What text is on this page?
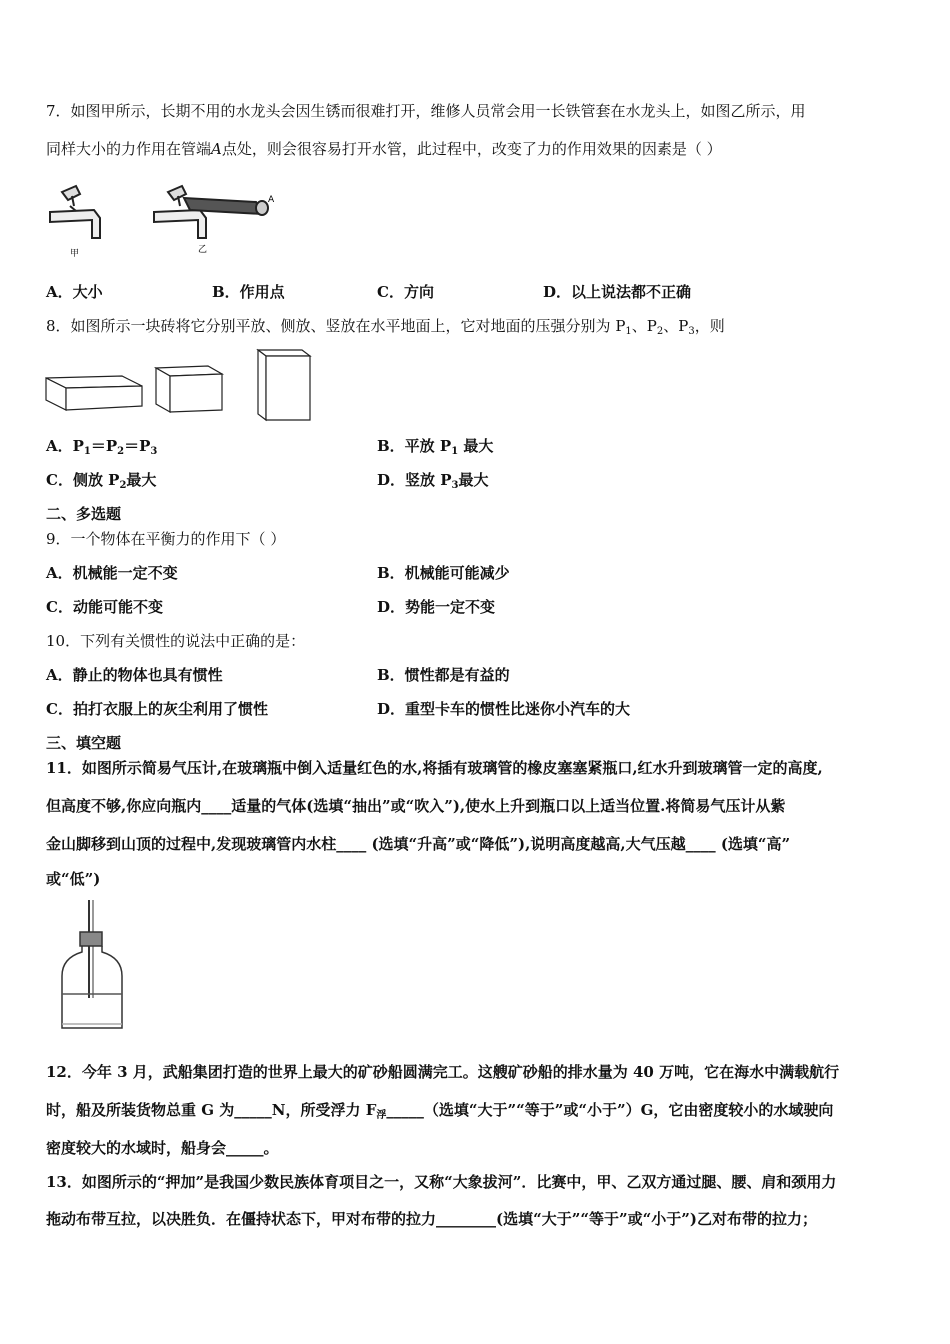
7．如图甲所示，长期不用的水龙头会因生锈而很难打开，维修人员常会用一长铁管套在水龙头上，如图乙所示，用
同样大小的力作用在管端A点处，则会很容易打开水管，此过程中，改变了力的作用效果的因素是（ ）
甲
A
乙
A．大小	B．作用点	C．方向	D．以上说法都不正确
8．如图所示一块砖将它分别平放、侧放、竖放在水平地面上，它对地面的压强分别为 $P_1$、$P_2$、$P_3$，则
A．$P_1=P_2=P_3$	B．平放 $P_1$ 最大
C．侧放 $P_2$最大	D．竖放 $P_3$最大
二、多选题
9．一个物体在平衡力的作用下（ ）
A．机械能一定不变	B．机械能可能减少
C．动能可能不变	D．势能一定不变
10．下列有关惯性的说法中正确的是：
A．静止的物体也具有惯性	B．惯性都是有益的
C．拍打衣服上的灰尘利用了惯性	D．重型卡车的惯性比迷你小汽车的大
三、填空题
11．如图所示简易气压计,在玻璃瓶中倒入适量红色的水,将插有玻璃管的橡皮塞塞紧瓶口,红水升到玻璃管一定的高度,
但高度不够,你应向瓶内____适量的气体(选填“抽出”或“吹入”),使水上升到瓶口以上适当位置.将简易气压计从紫
金山脚移到山顶的过程中,发现玻璃管内水柱____ (选填“升高”或“降低”),说明高度越高,大气压越____ (选填“高”
或“低”)
12．今年 3 月，武船集团打造的世界上最大的矿砂船圆满完工。这艘矿砂船的排水量为 40 万吨，它在海水中满载航行
时，船及所装货物总重 G 为_____N，所受浮力 $F_浮\_\_\_\_\_$（选填“大于”“等于”或“小于”）G，它由密度较小的水域驶向
密度较大的水域时，船身会_____。
13．如图所示的“押加”是我国少数民族体育项目之一，又称“大象拔河”．比赛中，甲、乙双方通过腿、腰、肩和颈用力
拖动布带互拉，以决胜负．在僵持状态下，甲对布带的拉力________(选填“大于”“等于”或“小于”)乙对布带的拉力；
